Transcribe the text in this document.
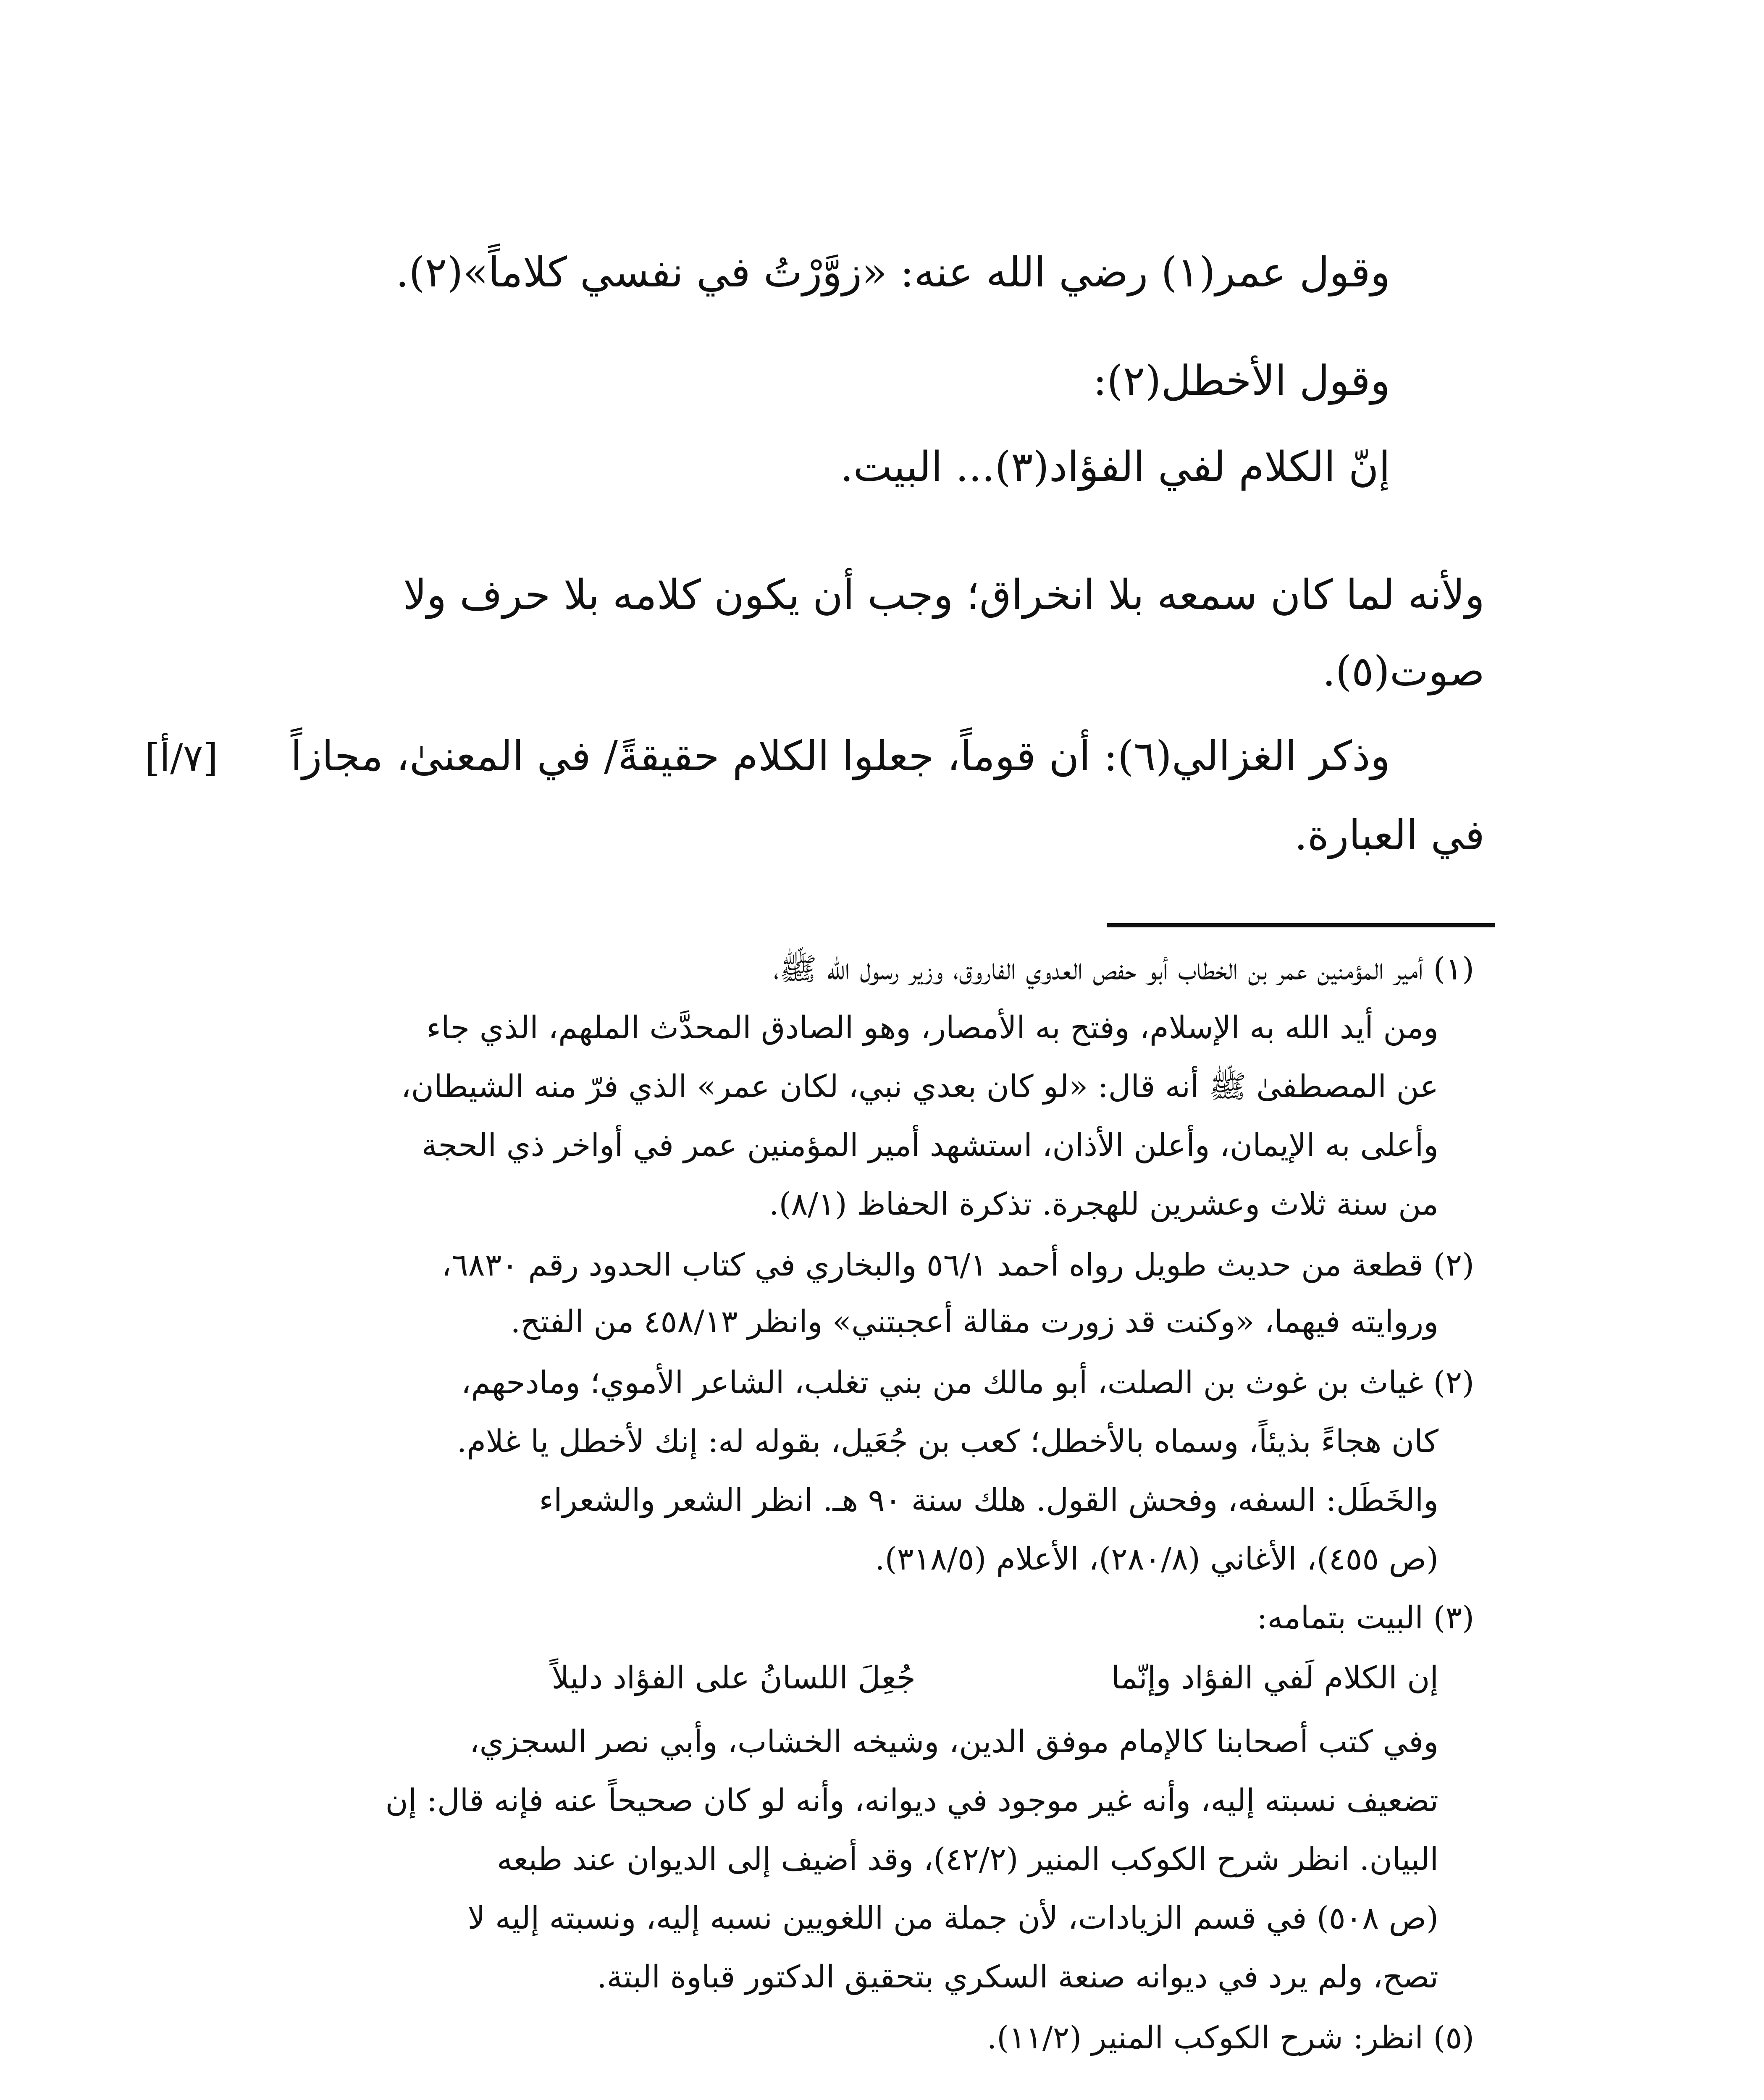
وقول عمر(١) رضي الله عنه: «زوَّرْتُ في نفسي كلاماً»(٢).
وقول الأخطل(٢):
إنّ الكلام لفي الفؤاد(٣)... البيت.
ولأنه لما كان سمعه بلا انخراق؛ وجب أن يكون كلامه بلا حرف ولا
صوت(٥).
وذكر الغزالي(٦): أن قوماً، جعلوا الكلام حقيقةً/ في المعنىٰ، مجازاً
في العبارة.
[٧/أ]
(١) أمير المؤمنين عمر بن الخطاب أبو حفص العدوي الفاروق، وزير رسول الله ﷺ،
ومن أيد الله به الإسلام، وفتح به الأمصار، وهو الصادق المحدَّث الملهم، الذي جاء
عن المصطفىٰ ﷺ أنه قال: «لو كان بعدي نبي، لكان عمر» الذي فرّ منه الشيطان،
وأعلى به الإيمان، وأعلن الأذان، استشهد أمير المؤمنين عمر في أواخر ذي الحجة
من سنة ثلاث وعشرين للهجرة. تذكرة الحفاظ (٨/١).
(٢) قطعة من حديث طويل رواه أحمد ٥٦/١ والبخاري في كتاب الحدود رقم ٦٨٣٠،
وروايته فيهما، «وكنت قد زورت مقالة أعجبتني» وانظر ٤٥٨/١٣ من الفتح.
(٢) غياث بن غوث بن الصلت، أبو مالك من بني تغلب، الشاعر الأموي؛ ومادحهم،
كان هجاءً بذيئاً، وسماه بالأخطل؛ كعب بن جُعَيل، بقوله له: إنك لأخطل يا غلام.
والخَطَل: السفه، وفحش القول. هلك سنة ٩٠ هـ. انظر الشعر والشعراء
(ص ٤٥٥)، الأغاني (٢٨٠/٨)، الأعلام (٣١٨/٥).
(٣) البيت بتمامه:
إن الكلام لَفي الفؤاد وإنّما
جُعِلَ اللسانُ على الفؤاد دليلاً
وفي كتب أصحابنا كالإمام موفق الدين، وشيخه الخشاب، وأبي نصر السجزي،
تضعيف نسبته إليه، وأنه غير موجود في ديوانه، وأنه لو كان صحيحاً عنه فإنه قال: إن
البيان. انظر شرح الكوكب المنير (٤٢/٢)، وقد أضيف إلى الديوان عند طبعه
(ص ٥٠٨) في قسم الزيادات، لأن جملة من اللغويين نسبه إليه، ونسبته إليه لا
تصح، ولم يرد في ديوانه صنعة السكري بتحقيق الدكتور قباوة البتة.
(٥) انظر: شرح الكوكب المنير (١١/٢).
